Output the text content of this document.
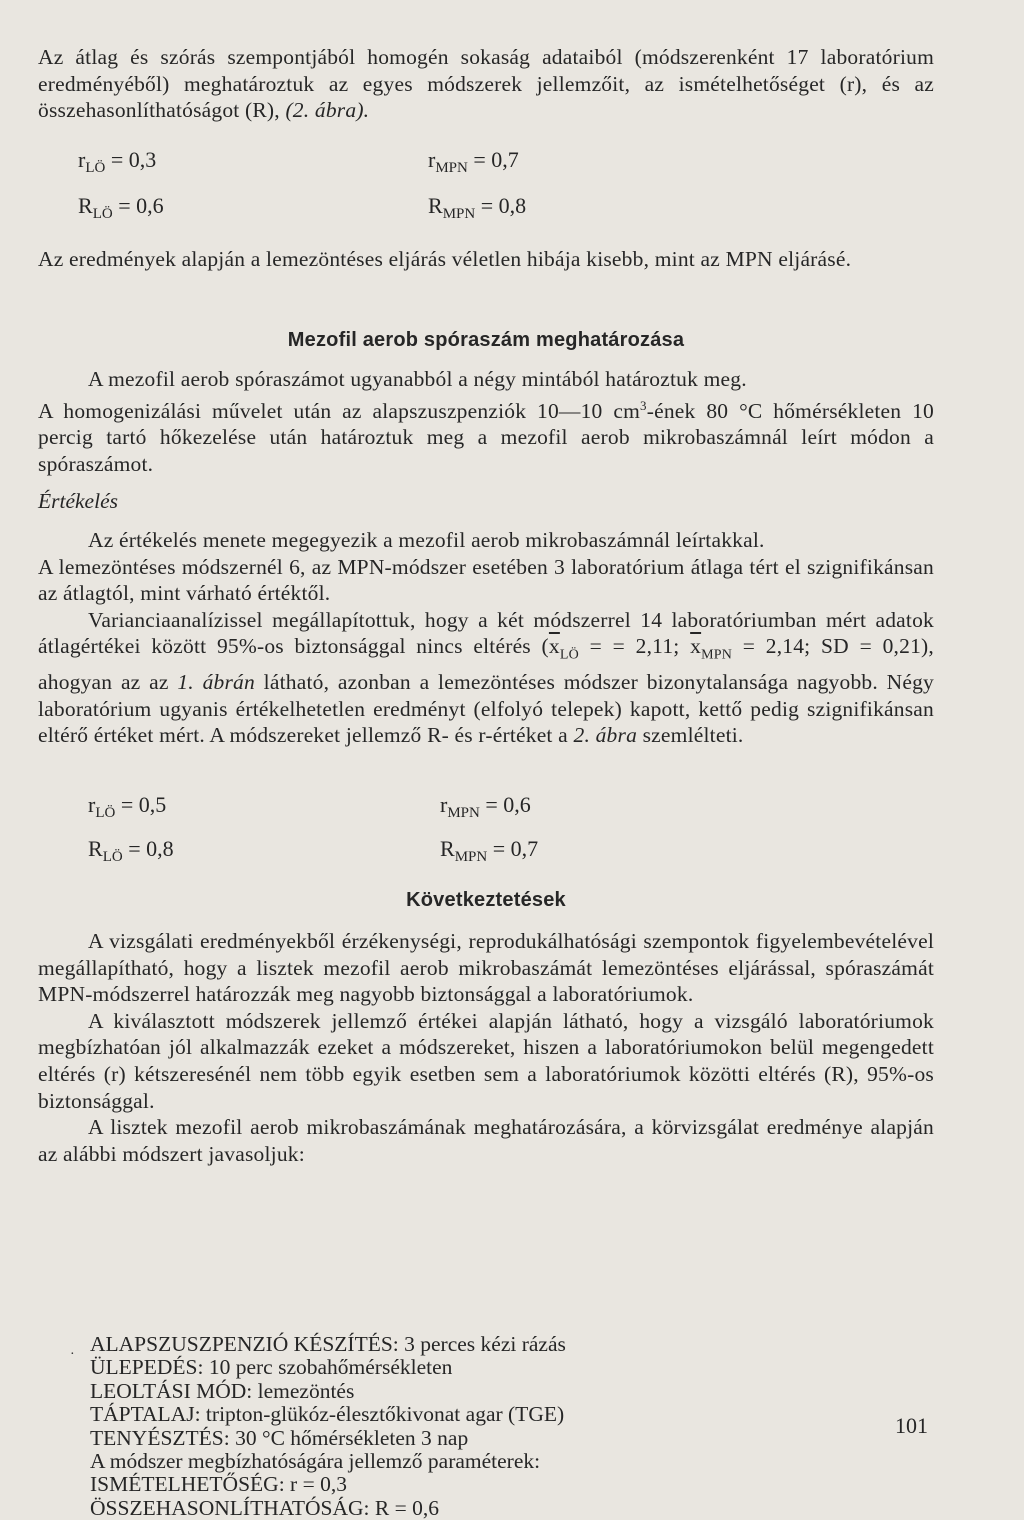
Az átlag és szórás szempontjából homogén sokaság adataiból (módszerenként 17 laboratórium eredményéből) meghatároztuk az egyes módszerek jellemzőit, az ismételhetőséget (r), és az összehasonlíthatóságot (R), (2. ábra).

$r_{LÖ} = 0,3$	$r_{MPN} = 0,7$
$R_{LÖ} = 0,6$	$R_{MPN} = 0,8$

Az eredmények alapján a lemezöntéses eljárás véletlen hibája kisebb, mint az MPN eljárásé.

Mezofil aerob spóraszám meghatározása

A mezofil aerob spóraszámot ugyanabból a négy mintából határoztuk meg.

A homogenizálási művelet után az alapszuszpenziók 10—10 $cm^3$-ének 80 °C hőmérsékleten 10 percig tartó hőkezelése után határoztuk meg a mezofil aerob mikrobaszámnál leírt módon a spóraszámot.

Értékelés

Az értékelés menete megegyezik a mezofil aerob mikrobaszámnál leírtakkal.

A lemezöntéses módszernél 6, az MPN-módszer esetében 3 laboratórium átlaga tért el szignifikánsan az átlagtól, mint várható értéktől.

Varianciaanalízissel megállapítottuk, hogy a két módszerrel 14 laboratóriumban mért adatok átlagértékei között 95%-os biztonsággal nincs eltérés ($\overline{x}_{LÖ}$ = = 2,11; $\overline{x}_{MPN} = 2,14$; SD = 0,21), ahogyan az az 1. ábrán látható, azonban a lemezöntéses módszer bizonytalansága nagyobb. Négy laboratórium ugyanis értékelhetetlen eredményt (elfolyó telepek) kapott, kettő pedig szignifikánsan eltérő értéket mért. A módszereket jellemző R- és r-értéket a 2. ábra szemlélteti.

$r_{LÖ} = 0,5$	$r_{MPN} = 0,6$
$R_{LÖ} = 0,8$	$R_{MPN} = 0,7$
Következtetések

A vizsgálati eredményekből érzékenységi, reprodukálhatósági szempontok figyelembevételével megállapítható, hogy a lisztek mezofil aerob mikrobaszámát lemezöntéses eljárással, spóraszámát MPN-módszerrel határozzák meg nagyobb biztonsággal a laboratóriumok.

A kiválasztott módszerek jellemző értékei alapján látható, hogy a vizsgáló laboratóriumok megbízhatóan jól alkalmazzák ezeket a módszereket, hiszen a laboratóriumokon belül megengedett eltérés (r) kétszeresénél nem több egyik esetben sem a laboratóriumok közötti eltérés (R), 95%-os biztonsággal.

A lisztek mezofil aerob mikrobaszámának meghatározására, a körvizsgálat eredménye alapján az alábbi módszert javasoljuk:

· ALAPSZUSZPENZIÓ KÉSZÍTÉS: 3 perces kézi rázás
ÜLEPEDÉS: 10 perc szobahőmérsékleten
LEOLTÁSI MÓD: lemezöntés
TÁPTALAJ: tripton-glükóz-élesztőkivonat agar (TGE)
TENYÉSZTÉS: 30 °C hőmérsékleten 3 nap
A módszer megbízhatóságára jellemző paraméterek:
ISMÉTELHETŐSÉG: r = 0,3
ÖSSZEHASONLÍTHATÓSÁG: R = 0,6
101
